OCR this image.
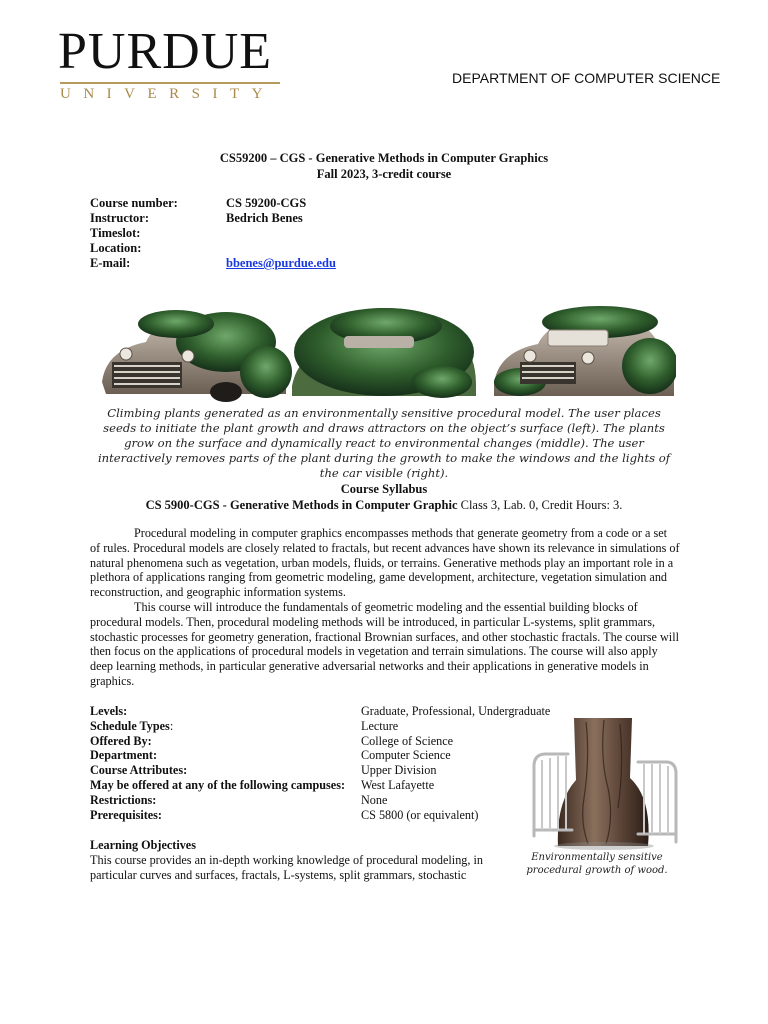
PURDUE
UNIVERSITY
DEPARTMENT OF COMPUTER SCIENCE
CS59200 – CGS - Generative Methods in Computer Graphics
Fall 2023, 3-credit course
Course number:	CS 59200-CGS
Instructor:	Bedrich Benes
Timeslot:
Location:
E-mail:	bbenes@purdue.edu
Climbing plants generated as an environmentally sensitive procedural model. The user places seeds to initiate the plant growth and draws attractors on the object’s surface (left). The plants grow on the surface and dynamically react to environmental changes (middle). The user interactively removes parts of the plant during the growth to make the windows and the lights of the car visible (right).
Course Syllabus
CS 5900-CGS - Generative Methods in Computer Graphic Class 3, Lab. 0, Credit Hours: 3.

Procedural modeling in computer graphics encompasses methods that generate geometry from a code or a set of rules. Procedural models are closely related to fractals, but recent advances have shown its relevance in simulations of natural phenomena such as vegetation, urban models, fluids, or terrains. Generative methods play an important role in a plethora of applications ranging from geometric modeling, game development, architecture, vegetation simulation and reconstruction, and geographic information systems.

This course will introduce the fundamentals of geometric modeling and the essential building blocks of procedural models. Then, procedural modeling methods will be introduced, in particular L-systems, split grammars, stochastic processes for geometry generation, fractional Brownian surfaces, and other stochastic fractals. The course will then focus on the applications of procedural models in vegetation and terrain simulations. The course will also apply deep learning methods, in particular generative adversarial networks and their applications in generative models in graphics.

Levels:	Graduate, Professional, Undergraduate
Schedule Types:	Lecture
Offered By:	College of Science
Department:	Computer Science
Course Attributes:	Upper Division
May be offered at any of the following campuses:	West Lafayette
Restrictions:	None
Prerequisites:	CS 5800 (or equivalent)
Environmentally sensitive
procedural growth of wood.
Learning Objectives
This course provides an in-depth working knowledge of procedural modeling, in particular curves and surfaces, fractals, L-systems, split grammars, stochastic
